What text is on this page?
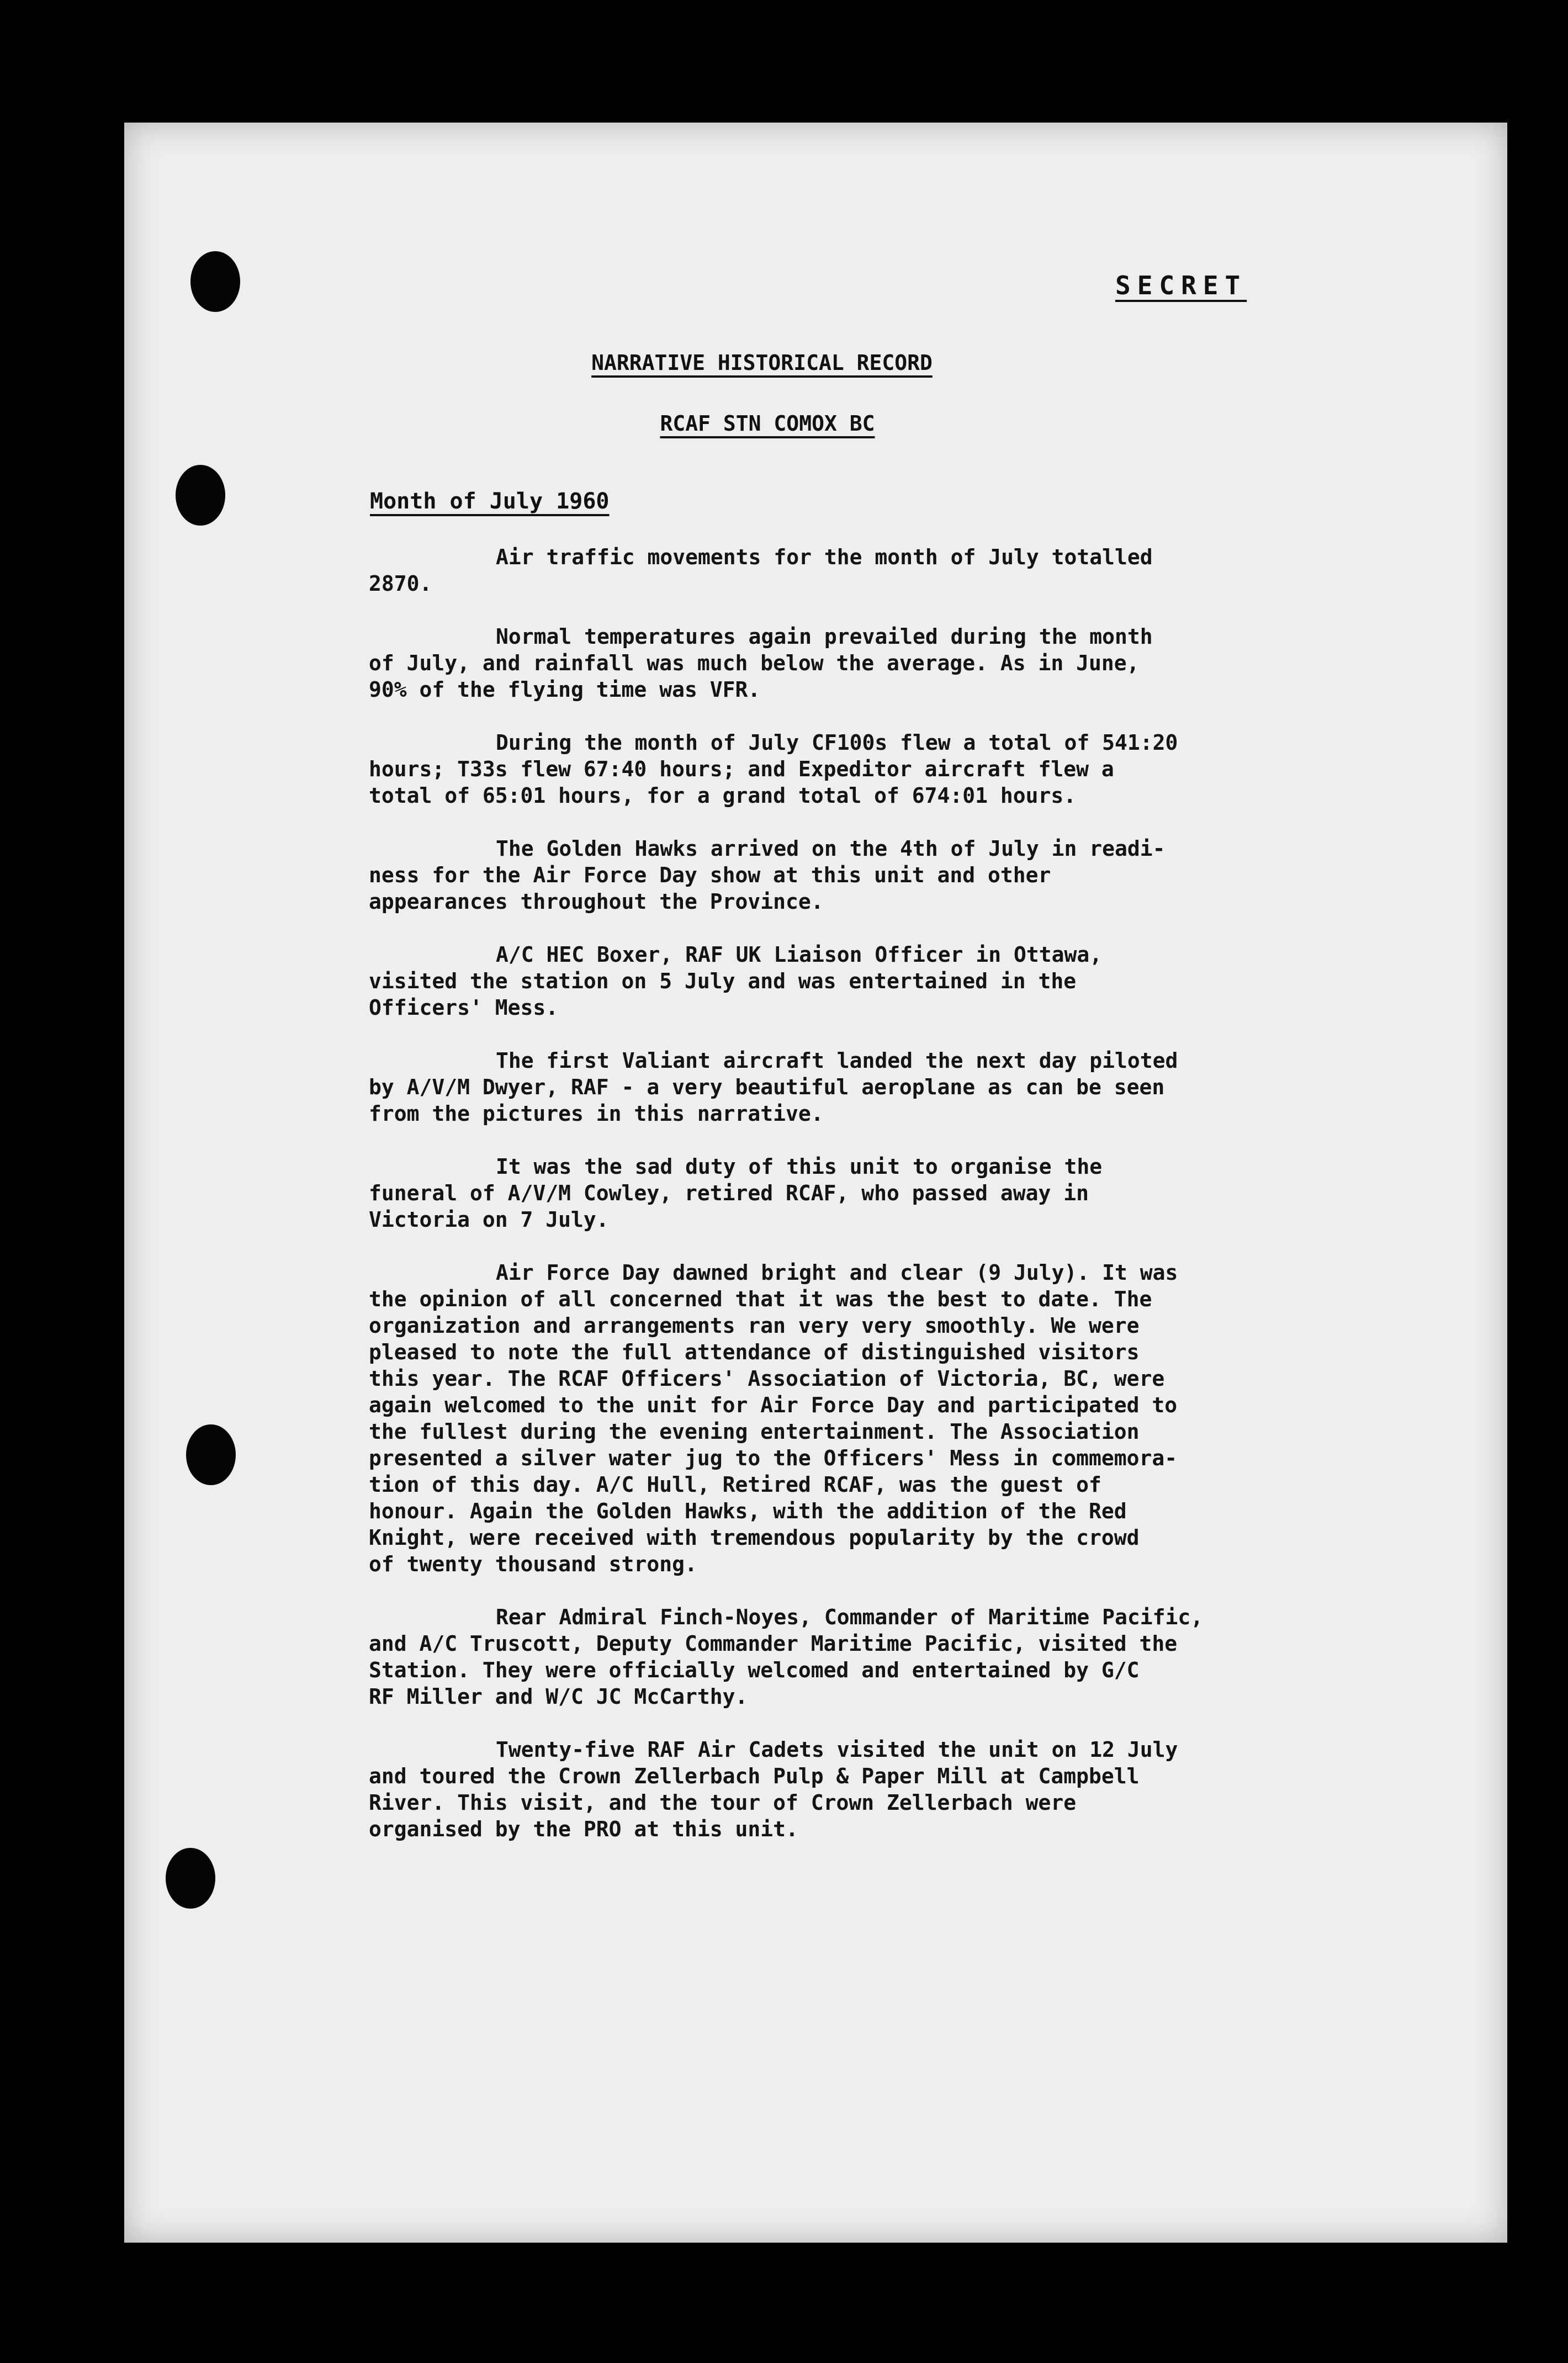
SECRET
NARRATIVE HISTORICAL RECORD
RCAF STN COMOX BC
Month of July 1960

Air traffic movements for the month of July totalled
2870.

Normal temperatures again prevailed during the month
of July, and rainfall was much below the average. As in June,
90% of the flying time was VFR.

During the month of July CF100s flew a total of 541:20
hours; T33s flew 67:40 hours; and Expeditor aircraft flew a
total of 65:01 hours, for a grand total of 674:01 hours.

The Golden Hawks arrived on the 4th of July in readi-
ness for the Air Force Day show at this unit and other
appearances throughout the Province.

A/C HEC Boxer, RAF UK Liaison Officer in Ottawa,
visited the station on 5 July and was entertained in the
Officers' Mess.

The first Valiant aircraft landed the next day piloted
by A/V/M Dwyer, RAF - a very beautiful aeroplane as can be seen
from the pictures in this narrative.

It was the sad duty of this unit to organise the
funeral of A/V/M Cowley, retired RCAF, who passed away in
Victoria on 7 July.

Air Force Day dawned bright and clear (9 July). It was
the opinion of all concerned that it was the best to date. The
organization and arrangements ran very very smoothly. We were
pleased to note the full attendance of distinguished visitors
this year. The RCAF Officers' Association of Victoria, BC, were
again welcomed to the unit for Air Force Day and participated to
the fullest during the evening entertainment. The Association
presented a silver water jug to the Officers' Mess in commemora-
tion of this day. A/C Hull, Retired RCAF, was the guest of
honour. Again the Golden Hawks, with the addition of the Red
Knight, were received with tremendous popularity by the crowd
of twenty thousand strong.

Rear Admiral Finch-Noyes, Commander of Maritime Pacific,
and A/C Truscott, Deputy Commander Maritime Pacific, visited the
Station. They were officially welcomed and entertained by G/C
RF Miller and W/C JC McCarthy.

Twenty-five RAF Air Cadets visited the unit on 12 July
and toured the Crown Zellerbach Pulp & Paper Mill at Campbell
River. This visit, and the tour of Crown Zellerbach were
organised by the PRO at this unit.
